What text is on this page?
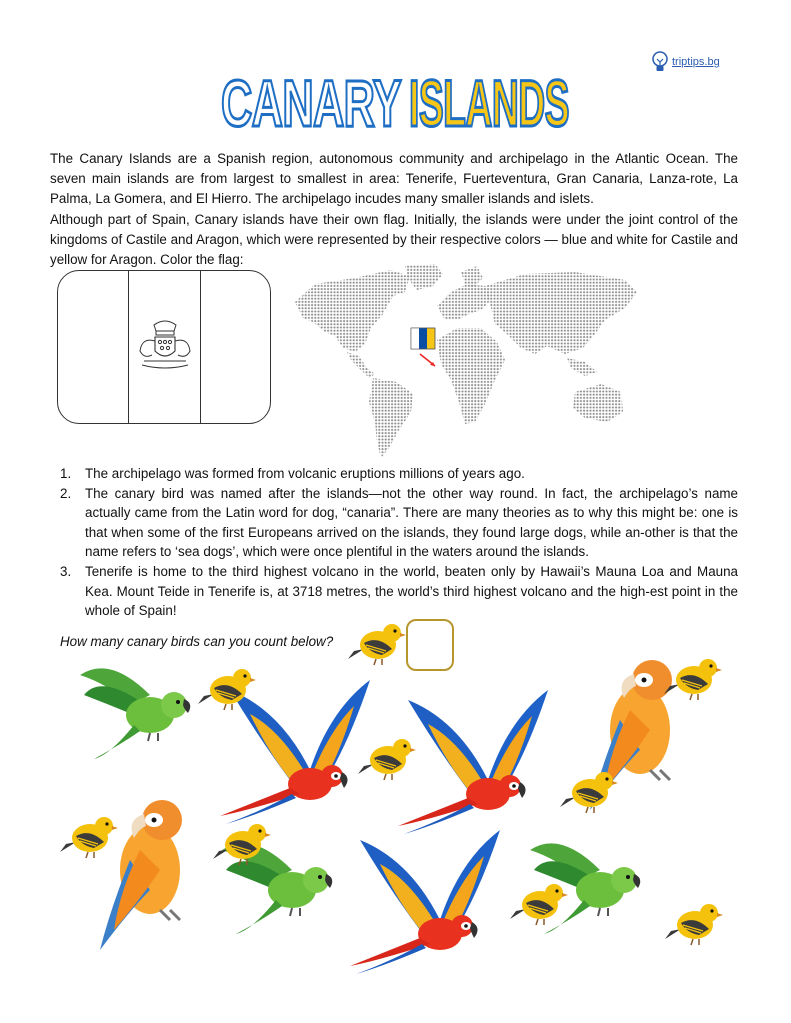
triptips.bg
CANARY ISLANDS

The Canary Islands are a Spanish region, autonomous community and archipelago in the Atlantic Ocean. The seven main islands are from largest to smallest in area: Tenerife, Fuerteventura, Gran Canaria, Lanza-rote, La Palma, La Gomera, and El Hierro. The archipelago incudes many smaller islands and islets.

Although part of Spain, Canary islands have their own flag. Initially, the islands were under the joint control of the kingdoms of Castile and Aragon, which were represented by their respective colors — blue and white for Castile and yellow for Aragon. Color the flag:

1. The archipelago was formed from volcanic eruptions millions of years ago.
2. The canary bird was named after the islands—not the other way round. In fact, the archipelago’s name actually came from the Latin word for dog, “canaria”. There are many theories as to why this might be: one is that when some of the first Europeans arrived on the islands, they found large dogs, while an-other is that the name refers to ‘sea dogs’, which were once plentiful in the waters around the islands.
3. Tenerife is home to the third highest volcano in the world, beaten only by Hawaii’s Mauna Loa and Mauna Kea. Mount Teide in Tenerife is, at 3718 metres, the world’s third highest volcano and the high-est point in the whole of Spain!
How many canary birds can you count below?
